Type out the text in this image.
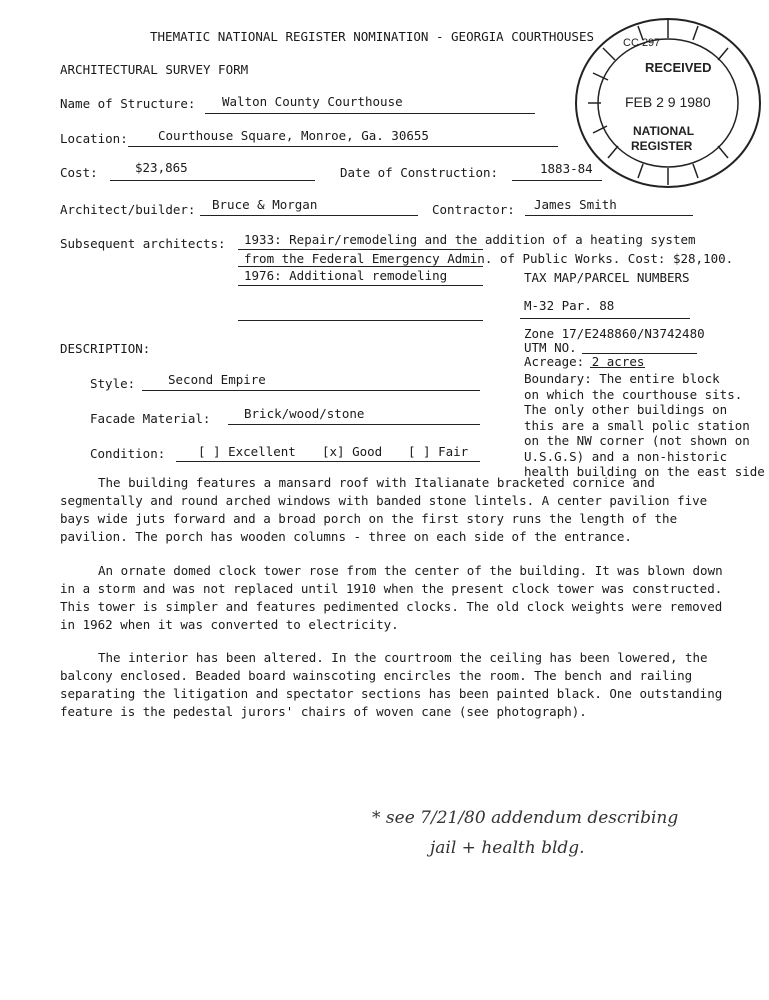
THEMATIC NATIONAL REGISTER NOMINATION - GEORGIA COURTHOUSES
ARCHITECTURAL SURVEY FORM
CC 297
RECEIVED
FEB 2 9 1980
NATIONAL
REGISTER
Name of Structure: Walton County Courthouse
Location: Courthouse Square, Monroe, Ga. 30655
Cost:	$23,865	Date of Construction:	1883-84
Architect/builder: Bruce & Morgan	Contractor: James Smith
Subsequent architects: 1933: Repair/remodeling and the addition of a heating system
from the Federal Emergency Admin. of Public Works. Cost: $28,100.
1976: Additional remodeling	TAX MAP/PARCEL NUMBERS
M-32 Par. 88
Zone 17/E248860/N3742480
UTM NO.
Acreage: 2 acres
Boundary: The entire block
on which the courthouse sits.
The only other buildings on
this are a small polic station
on the NW corner (not shown on
U.S.G.S) and a non-historic
health building on the east side
DESCRIPTION:
Style:	Second Empire
Facade Material:	Brick/wood/stone
Condition:	[ ] Excellent [x] Good [ ] Fair
The building features a mansard roof with Italianate bracketed cornice and segmentally and round arched windows with banded stone lintels. A center pavilion five bays wide juts forward and a broad porch on the first story runs the length of the pavilion. The porch has wooden columns - three on each side of the entrance.
An ornate domed clock tower rose from the center of the building. It was blown down in a storm and was not replaced until 1910 when the present clock tower was constructed. This tower is simpler and features pedimented clocks. The old clock weights were removed in 1962 when it was converted to electricity.
The interior has been altered. In the courtroom the ceiling has been lowered, the balcony enclosed. Beaded board wainscoting encircles the room. The bench and railing separating the litigation and spectator sections has been painted black. One outstanding feature is the pedestal jurors' chairs of woven cane (see photograph).
* see 7/21/80 addendum describing
jail + health bldg.
